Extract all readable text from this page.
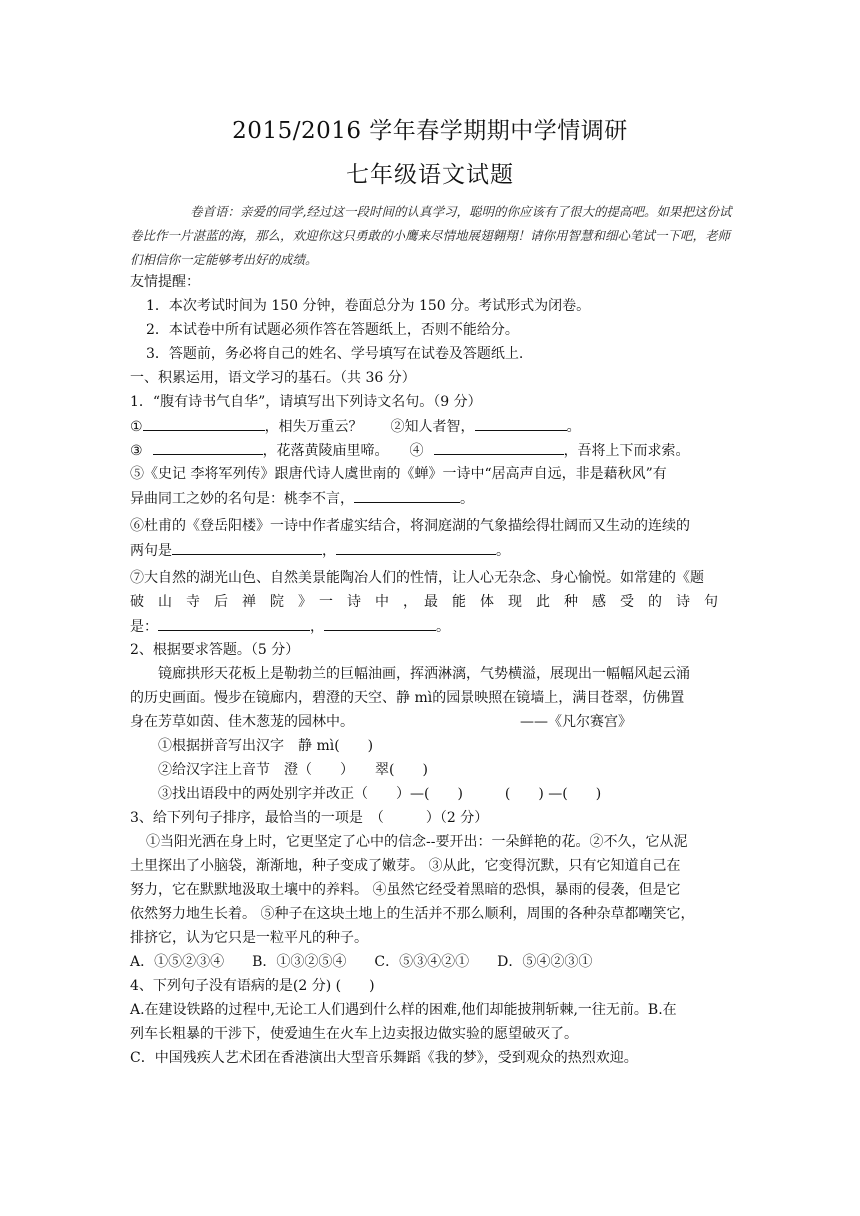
2015/2016 学年春学期期中学情调研
七年级语文试题
卷首语：亲爱的同学,经过这一段时间的认真学习，聪明的你应该有了很大的提高吧。如果把这份试卷比作一片湛蓝的海，那么，欢迎你这只勇敢的小鹰来尽情地展翅翱翔！请你用智慧和细心笔试一下吧，老师们相信你一定能够考出好的成绩。
友情提醒：
1．本次考试时间为 150 分钟，卷面总分为 150 分。考试形式为闭卷。
2．本试卷中所有试题必须作答在答题纸上，否则不能给分。
3．答题前，务必将自己的姓名、学号填写在试卷及答题纸上.
一、积累运用，语文学习的基石。（共 36 分）
1．“腹有诗书气自华”，请填写出下列诗文名句。（9 分）
①	，相失万重云？　　②知人者智，	。
③	，花落黄陵庙里啼。　　④	，吾将上下而求索。
⑤《史记 李将军列传》跟唐代诗人虞世南的《蝉》一诗中“居高声自远，非是藉秋风”有
异曲同工之妙的名句是：桃李不言，	。
⑥杜甫的《登岳阳楼》一诗中作者虚实结合，将洞庭湖的气象描绘得壮阔而又生动的连续的
两句是	，	。
⑦大自然的湖光山色、自然美景能陶冶人们的性情，让人心无杂念、身心愉悦。如常建的《题
破　山　寺　后　禅　院　》　一　诗　中　，　最　能　体　现　此　种　感　受　的　诗　句
是：	，	。
2、根据要求答题。（5 分）
镜廊拱形天花板上是勒勃兰的巨幅油画，挥洒淋漓，气势横溢，展现出一幅幅风起云涌
的历史画面。慢步在镜廊内，碧澄的天空、静 mì的园景映照在镜墙上，满目苍翠，仿佛置
身在芳草如茵、佳木葱茏的园林中。	——《凡尔赛宫》
①根据拼音写出汉字　静 mì(　　)
②给汉字注上音节　澄（　　）　　翠(　　)
③找出语段中的两处别字并改正（　　）—(　　)　　　(　　) —(　　)
3、给下列句子排序，最恰当的一项是　（　　　）（2 分）
①当阳光洒在身上时，它更坚定了心中的信念--要开出：一朵鲜艳的花。②不久，它从泥
土里探出了小脑袋，渐渐地，种子变成了嫩芽。 ③从此，它变得沉默，只有它知道自己在
努力，它在默默地汲取土壤中的养料。 ④虽然它经受着黑暗的恐惧，暴雨的侵袭，但是它
依然努力地生长着。 ⑤种子在这块土地上的生活并不那么顺利，周围的各种杂草都嘲笑它，
排挤它，认为它只是一粒平凡的种子。
A．①⑤②③④　　B．①③②⑤④　　C．⑤③④②①　　D．⑤④②③①
4、下列句子没有语病的是(2 分) (　　)
A.在建设铁路的过程中,无论工人们遇到什么样的困难,他们却能披荆斩棘,一往无前。B.在
列车长粗暴的干涉下，使爱迪生在火车上边卖报边做实验的愿望破灭了。
C．中国残疾人艺术团在香港演出大型音乐舞蹈《我的梦》，受到观众的热烈欢迎。
